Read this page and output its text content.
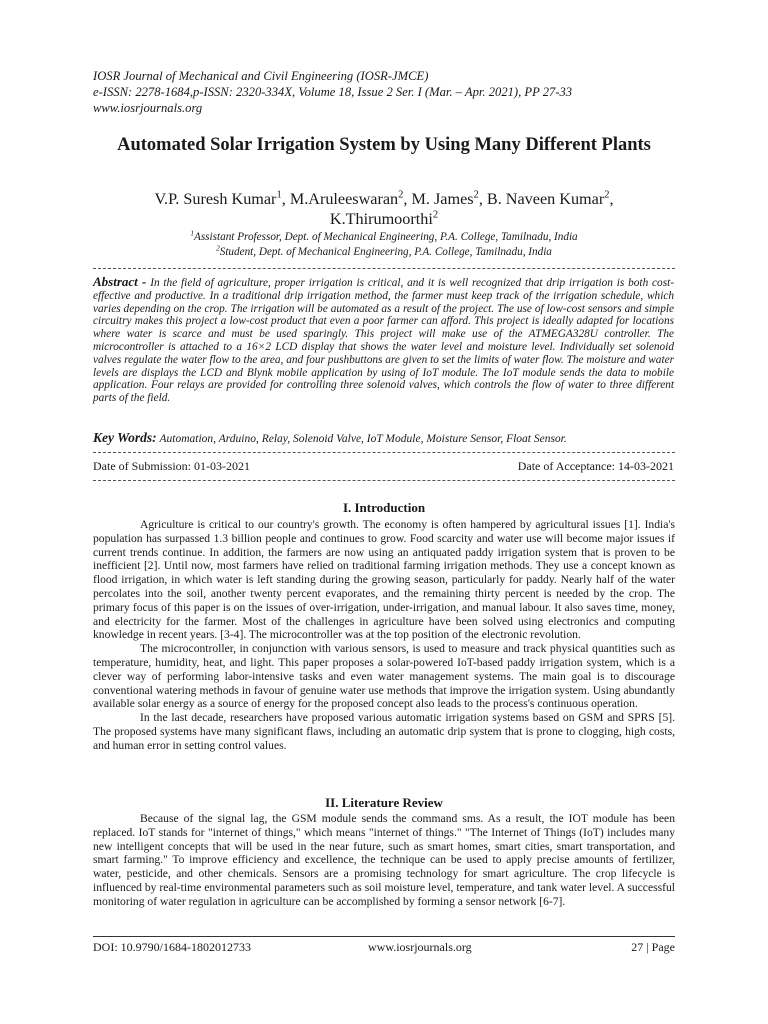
IOSR Journal of Mechanical and Civil Engineering (IOSR-JMCE)
e-ISSN: 2278-1684,p-ISSN: 2320-334X, Volume 18, Issue 2 Ser. I (Mar. – Apr. 2021), PP 27-33
www.iosrjournals.org
Automated Solar Irrigation System by Using Many Different Plants
V.P. Suresh Kumar$^1$, M.Aruleeswaran$^2$, M. James$^2$, B. Naveen Kumar$^2$,
K.Thirumoorthi$^2$
$^1$Assistant Professor, Dept. of Mechanical Engineering, P.A. College, Tamilnadu, India
$^2$Student, Dept. of Mechanical Engineering, P.A. College, Tamilnadu, India
Abstract - In the field of agriculture, proper irrigation is critical, and it is well recognized that drip irrigation is both cost-effective and productive. In a traditional drip irrigation method, the farmer must keep track of the irrigation schedule, which varies depending on the crop. The irrigation will be automated as a result of the project. The use of low-cost sensors and simple circuitry makes this project a low-cost product that even a poor farmer can afford. This project is ideally adapted for locations where water is scarce and must be used sparingly. This project will make use of the ATMEGA328U controller. The microcontroller is attached to a 16×2 LCD display that shows the water level and moisture level. Individually set solenoid valves regulate the water flow to the area, and four pushbuttons are given to set the limits of water flow. The moisture and water levels are displays the LCD and Blynk mobile application by using of IoT module. The IoT module sends the data to mobile application. Four relays are provided for controlling three solenoid valves, which controls the flow of water to three different parts of the field.
Key Words: Automation, Arduino, Relay, Solenoid Valve, IoT Module, Moisture Sensor, Float Sensor.
Date of Submission: 01-03-2021	Date of Acceptance: 14-03-2021
I. Introduction

Agriculture is critical to our country's growth. The economy is often hampered by agricultural issues [1]. India's population has surpassed 1.3 billion people and continues to grow. Food scarcity and water use will become major issues if current trends continue. In addition, the farmers are now using an antiquated paddy irrigation system that is proven to be inefficient [2]. Until now, most farmers have relied on traditional farming irrigation methods. They use a concept known as flood irrigation, in which water is left standing during the growing season, particularly for paddy. Nearly half of the water percolates into the soil, another twenty percent evaporates, and the remaining thirty percent is needed by the crop. The primary focus of this paper is on the issues of over-irrigation, under-irrigation, and manual labour. It also saves time, money, and electricity for the farmer. Most of the challenges in agriculture have been solved using electronics and computing knowledge in recent years. [3-4]. The microcontroller was at the top position of the electronic revolution.

The microcontroller, in conjunction with various sensors, is used to measure and track physical quantities such as temperature, humidity, heat, and light. This paper proposes a solar-powered IoT-based paddy irrigation system, which is a clever way of performing labor-intensive tasks and even water management systems. The main goal is to discourage conventional watering methods in favour of genuine water use methods that improve the irrigation system. Using abundantly available solar energy as a source of energy for the proposed concept also leads to the process's continuous operation.

In the last decade, researchers have proposed various automatic irrigation systems based on GSM and SPRS [5]. The proposed systems have many significant flaws, including an automatic drip system that is prone to clogging, high costs, and human error in setting control values.

II. Literature Review

Because of the signal lag, the GSM module sends the command sms. As a result, the IOT module has been replaced. IoT stands for "internet of things," which means "internet of things." "The Internet of Things (IoT) includes many new intelligent concepts that will be used in the near future, such as smart homes, smart cities, smart transportation, and smart farming." To improve efficiency and excellence, the technique can be used to apply precise amounts of fertilizer, water, pesticide, and other chemicals. Sensors are a promising technology for smart agriculture. The crop lifecycle is influenced by real-time environmental parameters such as soil moisture level, temperature, and tank water level. A successful monitoring of water regulation in agriculture can be accomplished by forming a sensor network [6-7].

DOI: 10.9790/1684-1802012733	www.iosrjournals.org	27 | Page
